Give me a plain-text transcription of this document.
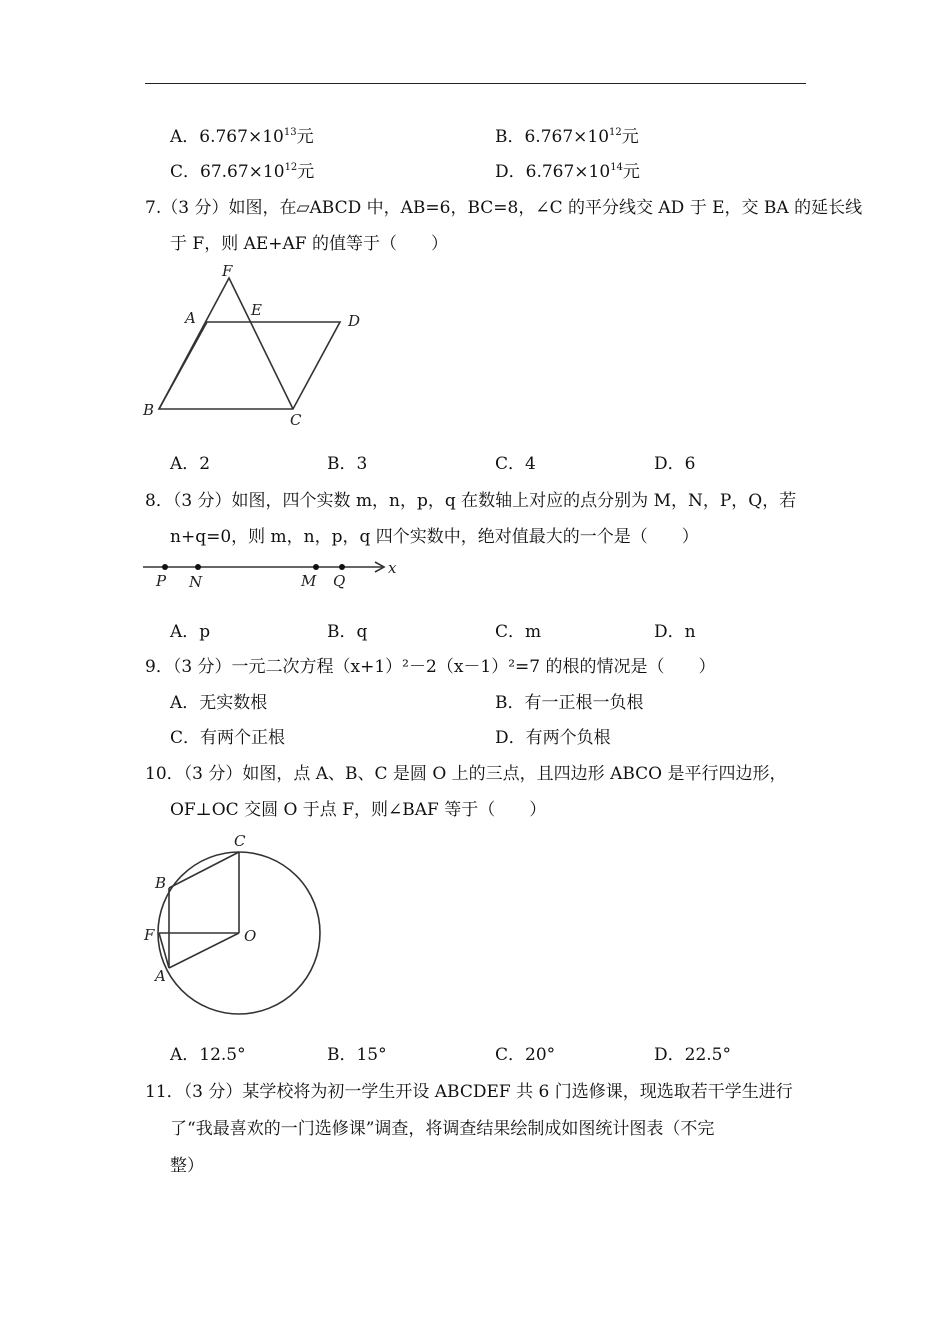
A．$6.767\times 10^{13}$元	B．$6.767\times 10^{12}$元
C．$67.67\times 10^{12}$元	D．$6.767\times 10^{14}$元
7.（3 分）如图，在▱ABCD 中，AB=6，BC=8，∠C 的平分线交 AD 于 E，交 BA 的延长线
于 F，则 AE+AF 的值等于（　　）
F
E
A	D
B
C
A．2	B．3	C．4	D．6
8．（3 分）如图，四个实数 m，n，p，q 在数轴上对应的点分别为 M，N，P，Q，若
n+q=0，则 m，n，p，q 四个实数中，绝对值最大的一个是（　　）
x
P N	M Q
A．p	B．q	C．m	D．n
9．（3 分）一元二次方程（x+1）²－2（x－1）²=7 的根的情况是（　　）
A．无实数根	B．有一正根一负根
C．有两个正根	D．有两个负根
10．（3 分）如图，点 A、B、C 是圆 O 上的三点，且四边形 ABCO 是平行四边形，
OF⊥OC 交圆 O 于点 F，则∠BAF 等于（　　）
C
B
F	O
A
A．12.5°	B．15°	C．20°	D．22.5°
11．（3 分）某学校将为初一学生开设 ABCDEF 共 6 门选修课，现选取若干学生进行
了“我最喜欢的一门选修课”调查，将调查结果绘制成如图统计图表（不完
整）
